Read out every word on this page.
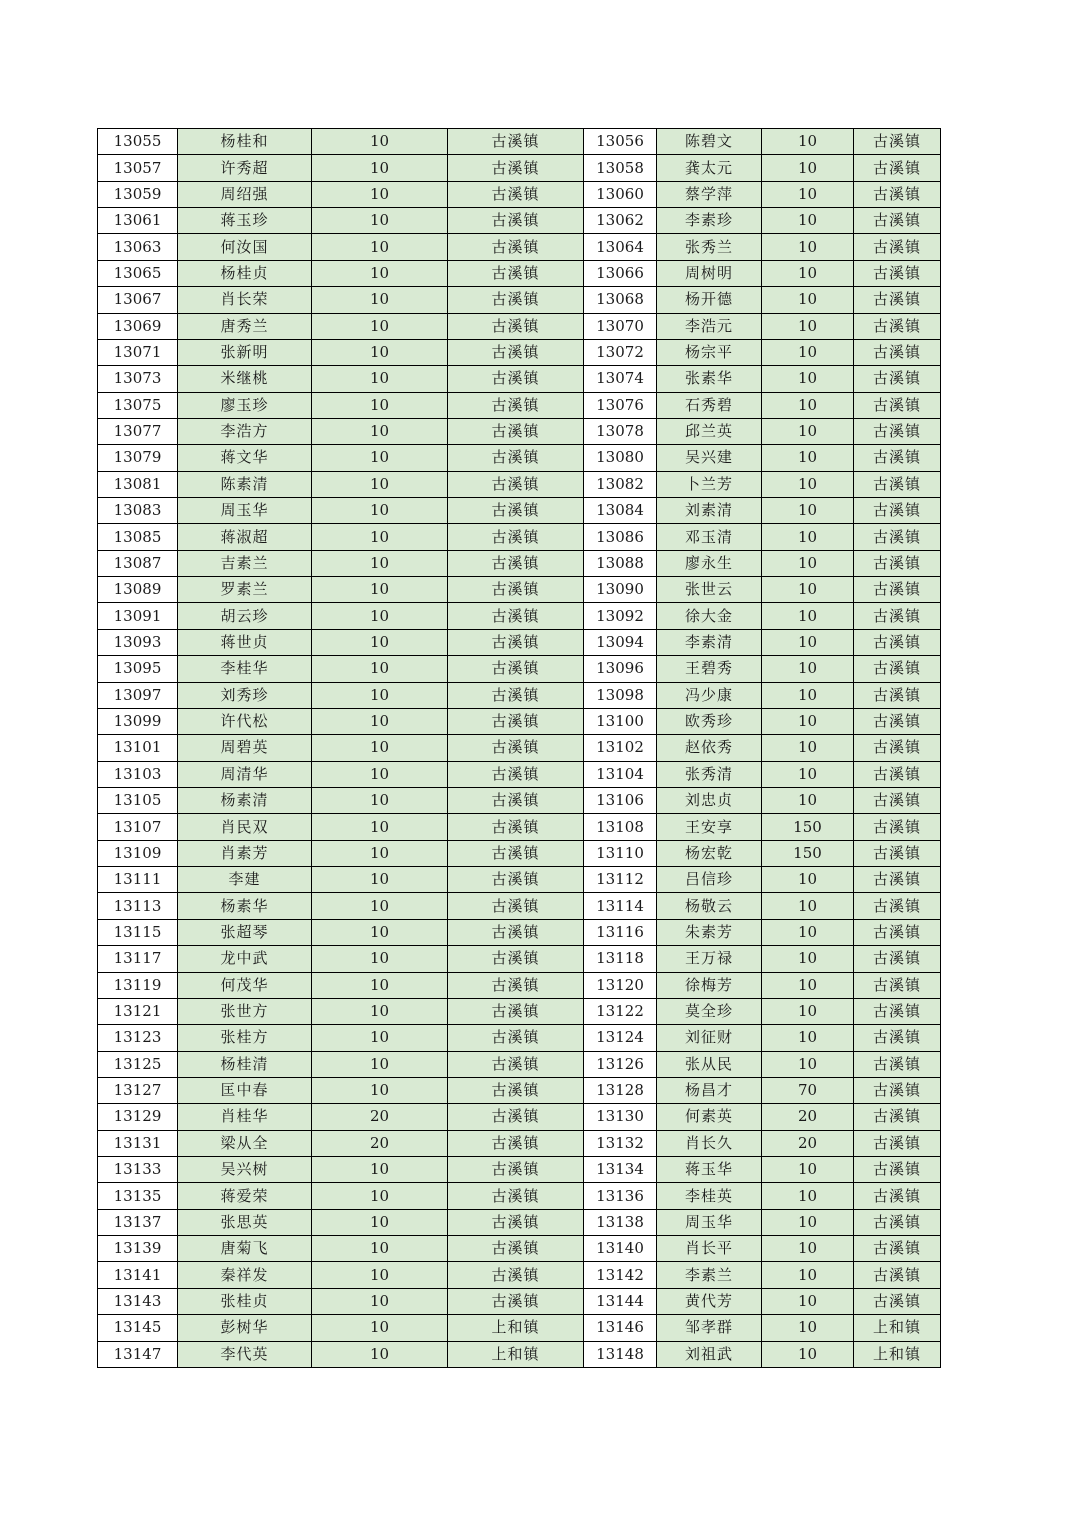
13055	杨桂和	10	古溪镇	13056	陈碧文	10	古溪镇
13057	许秀超	10	古溪镇	13058	龚太元	10	古溪镇
13059	周绍强	10	古溪镇	13060	蔡学萍	10	古溪镇
13061	蒋玉珍	10	古溪镇	13062	李素珍	10	古溪镇
13063	何汝国	10	古溪镇	13064	张秀兰	10	古溪镇
13065	杨桂贞	10	古溪镇	13066	周树明	10	古溪镇
13067	肖长荣	10	古溪镇	13068	杨开德	10	古溪镇
13069	唐秀兰	10	古溪镇	13070	李浩元	10	古溪镇
13071	张新明	10	古溪镇	13072	杨宗平	10	古溪镇
13073	米继桃	10	古溪镇	13074	张素华	10	古溪镇
13075	廖玉珍	10	古溪镇	13076	石秀碧	10	古溪镇
13077	李浩方	10	古溪镇	13078	邱兰英	10	古溪镇
13079	蒋文华	10	古溪镇	13080	吴兴建	10	古溪镇
13081	陈素清	10	古溪镇	13082	卜兰芳	10	古溪镇
13083	周玉华	10	古溪镇	13084	刘素清	10	古溪镇
13085	蒋淑超	10	古溪镇	13086	邓玉清	10	古溪镇
13087	吉素兰	10	古溪镇	13088	廖永生	10	古溪镇
13089	罗素兰	10	古溪镇	13090	张世云	10	古溪镇
13091	胡云珍	10	古溪镇	13092	徐大金	10	古溪镇
13093	蒋世贞	10	古溪镇	13094	李素清	10	古溪镇
13095	李桂华	10	古溪镇	13096	王碧秀	10	古溪镇
13097	刘秀珍	10	古溪镇	13098	冯少康	10	古溪镇
13099	许代松	10	古溪镇	13100	欧秀珍	10	古溪镇
13101	周碧英	10	古溪镇	13102	赵依秀	10	古溪镇
13103	周清华	10	古溪镇	13104	张秀清	10	古溪镇
13105	杨素清	10	古溪镇	13106	刘忠贞	10	古溪镇
13107	肖民双	10	古溪镇	13108	王安享	150	古溪镇
13109	肖素芳	10	古溪镇	13110	杨宏乾	150	古溪镇
13111	李建	10	古溪镇	13112	吕信珍	10	古溪镇
13113	杨素华	10	古溪镇	13114	杨敬云	10	古溪镇
13115	张超琴	10	古溪镇	13116	朱素芳	10	古溪镇
13117	龙中武	10	古溪镇	13118	王万禄	10	古溪镇
13119	何茂华	10	古溪镇	13120	徐梅芳	10	古溪镇
13121	张世方	10	古溪镇	13122	莫全珍	10	古溪镇
13123	张桂方	10	古溪镇	13124	刘征财	10	古溪镇
13125	杨桂清	10	古溪镇	13126	张从民	10	古溪镇
13127	匡中春	10	古溪镇	13128	杨昌才	70	古溪镇
13129	肖桂华	20	古溪镇	13130	何素英	20	古溪镇
13131	梁从全	20	古溪镇	13132	肖长久	20	古溪镇
13133	吴兴树	10	古溪镇	13134	蒋玉华	10	古溪镇
13135	蒋爱荣	10	古溪镇	13136	李桂英	10	古溪镇
13137	张思英	10	古溪镇	13138	周玉华	10	古溪镇
13139	唐菊飞	10	古溪镇	13140	肖长平	10	古溪镇
13141	秦祥发	10	古溪镇	13142	李素兰	10	古溪镇
13143	张桂贞	10	古溪镇	13144	黄代芳	10	古溪镇
13145	彭树华	10	上和镇	13146	邹孝群	10	上和镇
13147	李代英	10	上和镇	13148	刘祖武	10	上和镇
